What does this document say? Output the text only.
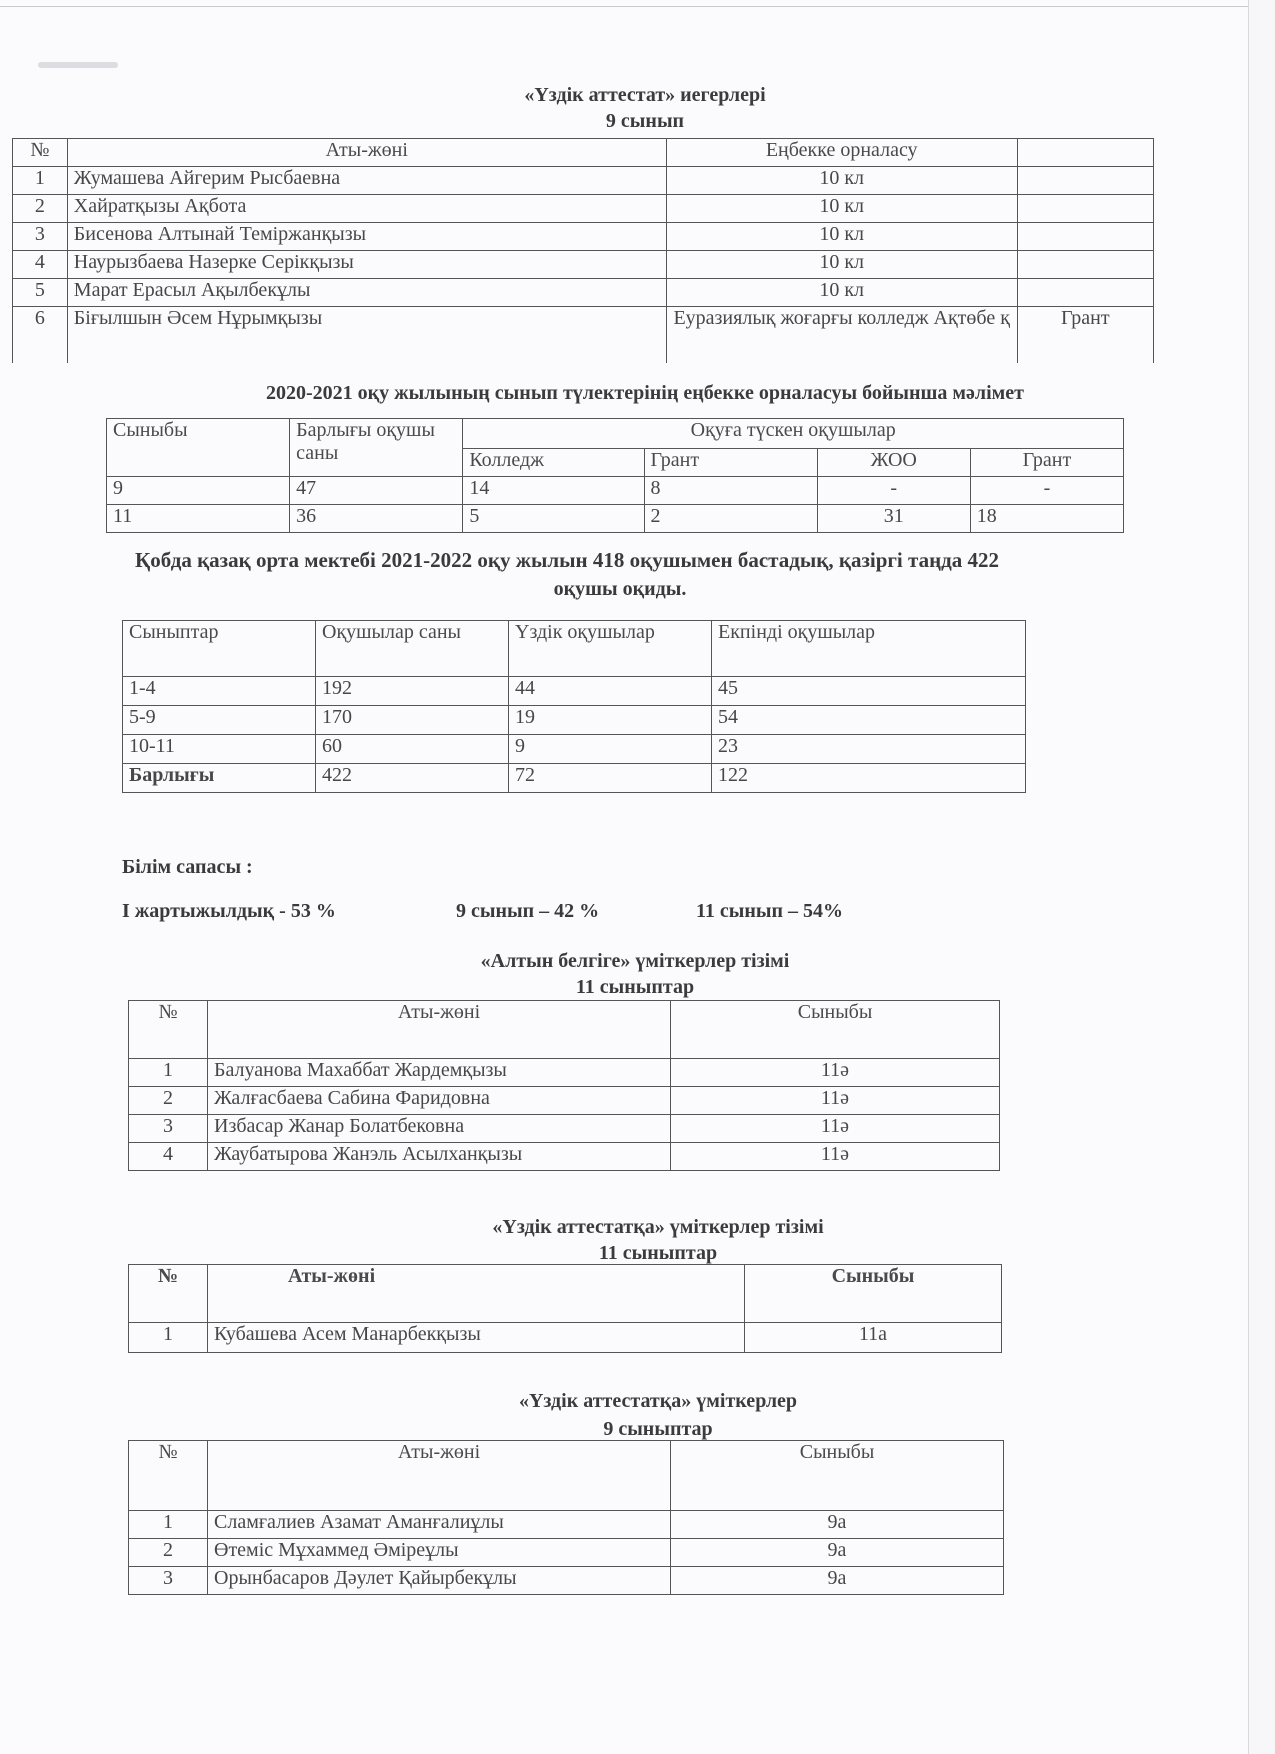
«Үздік аттестат» иегерлері
9 сынып
№	Аты-жөні	Еңбекке орналасу	
1	Жумашева Айгерим Рысбаевна	10 кл	
2	Хайратқызы Ақбота	10 кл	
3	Бисенова Алтынай Теміржанқызы	10 кл	
4	Наурызбаева Назерке Серікқызы	10 кл	
5	Марат Ерасыл Ақылбекұлы	10 кл	
6	Бiғылшын Әсем Нұрымқызы	Еуразиялық жоғарғы колледж Ақтөбе қ	Грант
2020-2021 оқу жылының сынып түлектерінің еңбекке орналасуы бойынша мәлімет
Сыныбы	Барлығы оқушы саны	Оқуға түскен оқушылар			
		Колледж	Грант	ЖОО	Грант
9	47	14	8	-	-
11	36	5	2	31	18
Қобда қазақ орта мектебі 2021-2022 оқу жылын 418 оқушымен бастадық, қазіргі таңда 422
оқушы оқиды.
Сыныптар	Оқушылар саны	Үздік оқушылар	Екпінді оқушылар
1-4	192	44	45
5-9	170	19	54
10-11	60	9	23
Барлығы	422	72	122
Білім сапасы :
I жартыжылдық - 53 %	9 сынып – 42 %	11 сынып – 54%
«Алтын белгіге» үміткерлер тізімі
11 сыныптар
№	Аты-жөні	Сыныбы
1	Балуанова Махаббат Жардемқызы	11ә
2	Жалғасбаева Сабина Фаридовна	11ә
3	Избасар Жанар Болатбековна	11ә
4	Жаубатырова Жанэль Асылханқызы	11ә
«Үздік аттестатқа» үміткерлер тізімі
11 сыныптар
№	Аты-жөні	Сыныбы
1	Кубашева Асем Манарбекқызы	11а
«Үздік аттестатқа» үміткерлер
9 сыныптар
№	Аты-жөні	Сыныбы
1	Сламғалиев Азамат Аманғалиұлы	9а
2	Өтеміс Мұхаммед Әміреұлы	9а
3	Орынбасаров Дәулет Қайырбекұлы	9а
